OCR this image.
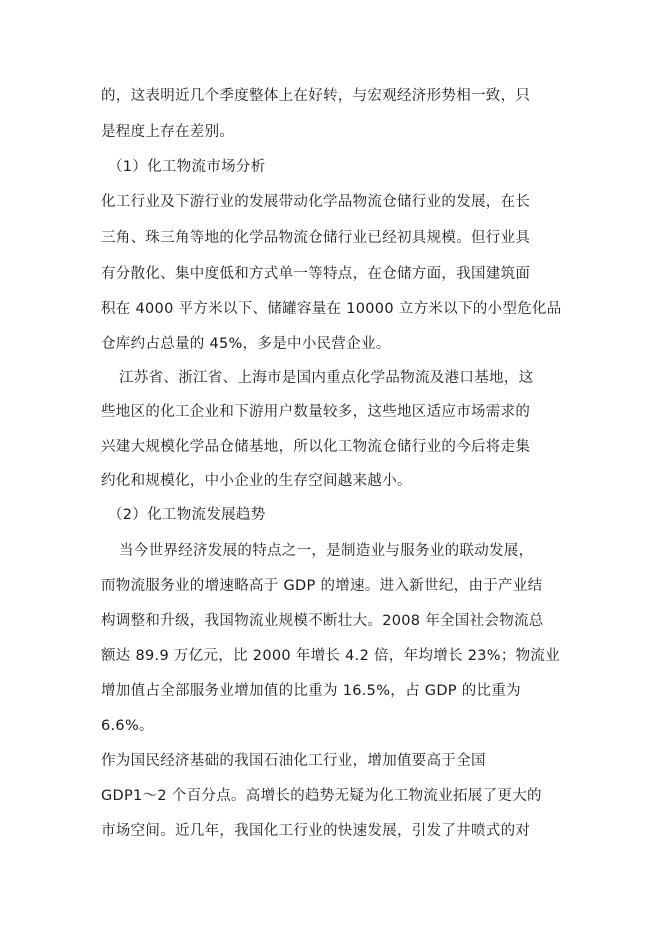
的，这表明近几个季度整体上在好转，与宏观经济形势相一致，只
是程度上存在差别。
（1）化工物流市场分析
化工行业及下游行业的发展带动化学品物流仓储行业的发展，在长
三角、珠三角等地的化学品物流仓储行业已经初具规模。但行业具
有分散化、集中度低和方式单一等特点，在仓储方面，我国建筑面
积在 4000 平方米以下、储罐容量在 10000 立方米以下的小型危化品
仓库约占总量的 45%，多是中小民营企业。
江苏省、浙江省、上海市是国内重点化学品物流及港口基地，这
些地区的化工企业和下游用户数量较多，这些地区适应市场需求的
兴建大规模化学品仓储基地，所以化工物流仓储行业的今后将走集
约化和规模化，中小企业的生存空间越来越小。
（2）化工物流发展趋势
当今世界经济发展的特点之一，是制造业与服务业的联动发展，
而物流服务业的增速略高于 GDP 的增速。进入新世纪，由于产业结
构调整和升级，我国物流业规模不断壮大。2008 年全国社会物流总
额达 89.9 万亿元，比 2000 年增长 4.2 倍，年均增长 23%；物流业
增加值占全部服务业增加值的比重为 16.5%，占 GDP 的比重为
6.6%。
作为国民经济基础的我国石油化工行业，增加值要高于全国
GDP1～2 个百分点。高增长的趋势无疑为化工物流业拓展了更大的
市场空间。近几年，我国化工行业的快速发展，引发了井喷式的对
